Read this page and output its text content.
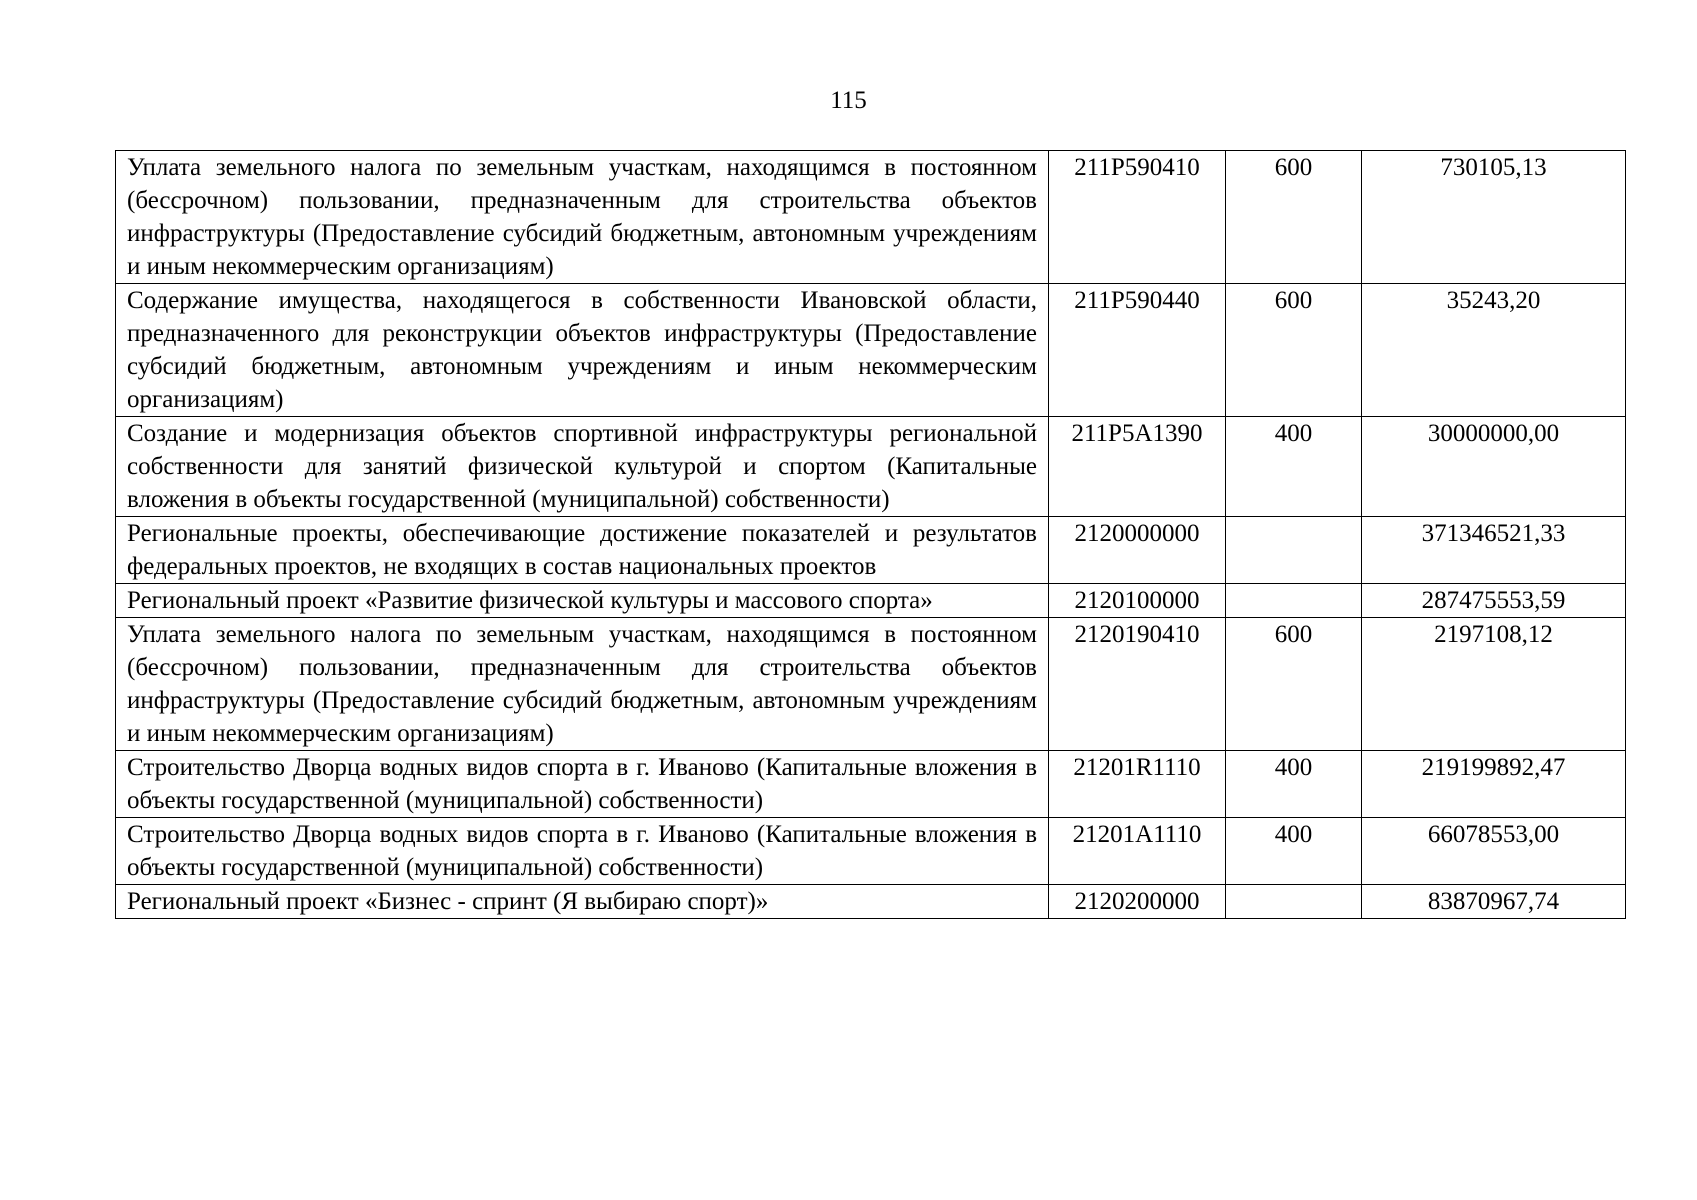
115
Уплата земельного налога по земельным участкам, находящимся в постоянном (бессрочном) пользовании, предназначенным для строительства объектов инфраструктуры (Предоставление субсидий бюджетным, автономным учреждениям и иным некоммерческим организациям)	211P590410	600	730105,13
Содержание имущества, находящегося в собственности Ивановской области, предназначенного для реконструкции объектов инфраструктуры (Предоставление субсидий бюджетным, автономным учреждениям и иным некоммерческим организациям)	211P590440	600	35243,20
Создание и модернизация объектов спортивной инфраструктуры региональной собственности для занятий физической культурой и спортом (Капитальные вложения в объекты государственной (муниципальной) собственности)	211P5A1390	400	30000000,00
Региональные проекты, обеспечивающие достижение показателей и результатов федеральных проектов, не входящих в состав национальных проектов	2120000000		371346521,33
Региональный проект «Развитие физической культуры и массового спорта»	2120100000		287475553,59
Уплата земельного налога по земельным участкам, находящимся в постоянном (бессрочном) пользовании, предназначенным для строительства объектов инфраструктуры (Предоставление субсидий бюджетным, автономным учреждениям и иным некоммерческим организациям)	2120190410	600	2197108,12
Строительство Дворца водных видов спорта в г. Иваново (Капитальные вложения в объекты государственной (муниципальной) собственности)	21201R1110	400	219199892,47
Строительство Дворца водных видов спорта в г. Иваново (Капитальные вложения в объекты государственной (муниципальной) собственности)	21201А1110	400	66078553,00
Региональный проект «Бизнес - спринт (Я выбираю спорт)»	2120200000		83870967,74
